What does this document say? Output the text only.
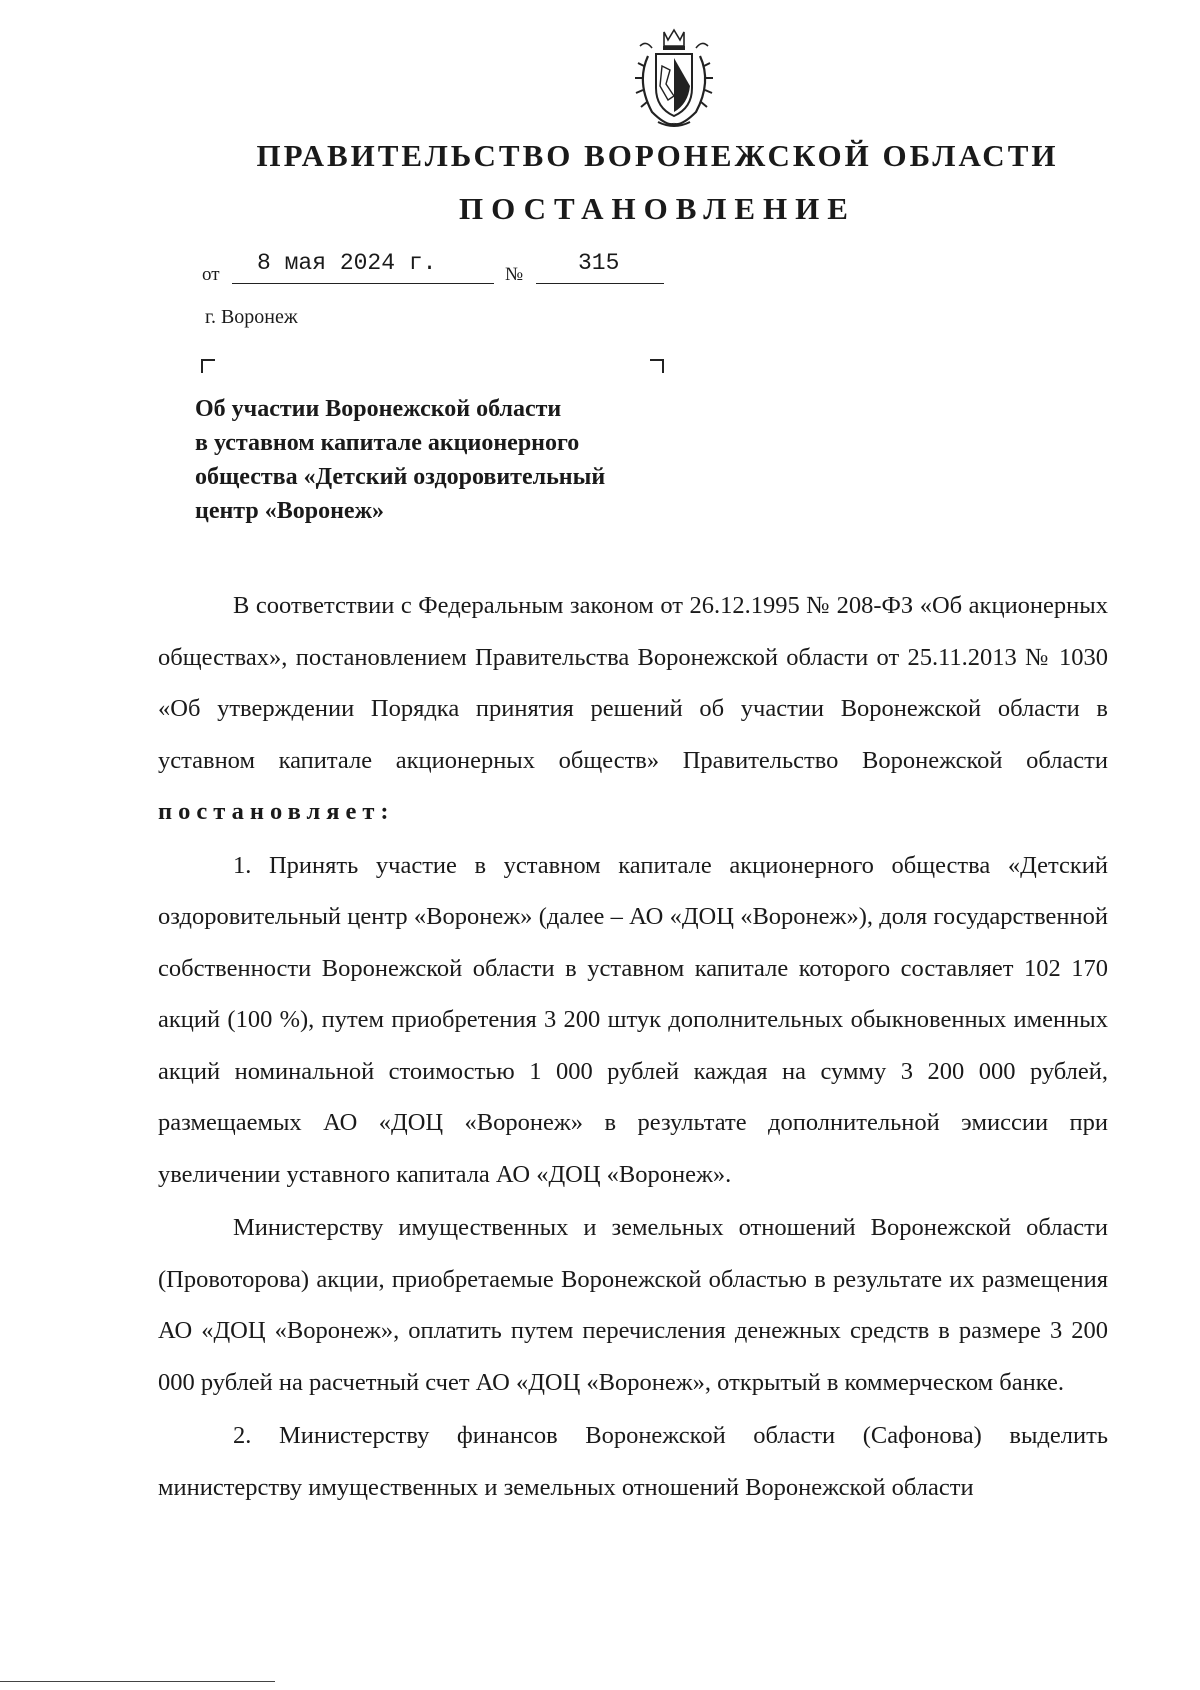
ПРАВИТЕЛЬСТВО ВОРОНЕЖСКОЙ ОБЛАСТИ
ПОСТАНОВЛЕНИЕ
от 8 мая 2024 г.	№ 315
г. Воронеж
Об участии Воронежской области
в уставном капитале акционерного
общества «Детский оздоровительный
центр «Воронеж»

В соответствии с Федеральным законом от 26.12.1995 № 208-ФЗ «Об акционерных обществах», постановлением Правительства Воронежской области от 25.11.2013 № 1030 «Об утверждении Порядка принятия решений об участии Воронежской области в уставном капитале акционерных обществ» Правительство Воронежской области постановляет:

1. Принять участие в уставном капитале акционерного общества «Детский оздоровительный центр «Воронеж» (далее – АО «ДОЦ «Воронеж»), доля государственной собственности Воронежской области в уставном капитале которого составляет 102 170 акций (100 %), путем приобретения 3 200 штук дополнительных обыкновенных именных акций номинальной стоимостью 1 000 рублей каждая на сумму 3 200 000 рублей, размещаемых АО «ДОЦ «Воронеж» в результате дополнительной эмиссии при увеличении уставного капитала АО «ДОЦ «Воронеж».

Министерству имущественных и земельных отношений Воронежской области (Провоторова) акции, приобретаемые Воронежской областью в результате их размещения АО «ДОЦ «Воронеж», оплатить путем перечисления денежных средств в размере 3 200 000 рублей на расчетный счет АО «ДОЦ «Воронеж», открытый в коммерческом банке.

2. Министерству финансов Воронежской области (Сафонова) выделить министерству имущественных и земельных отношений Воронежской области
